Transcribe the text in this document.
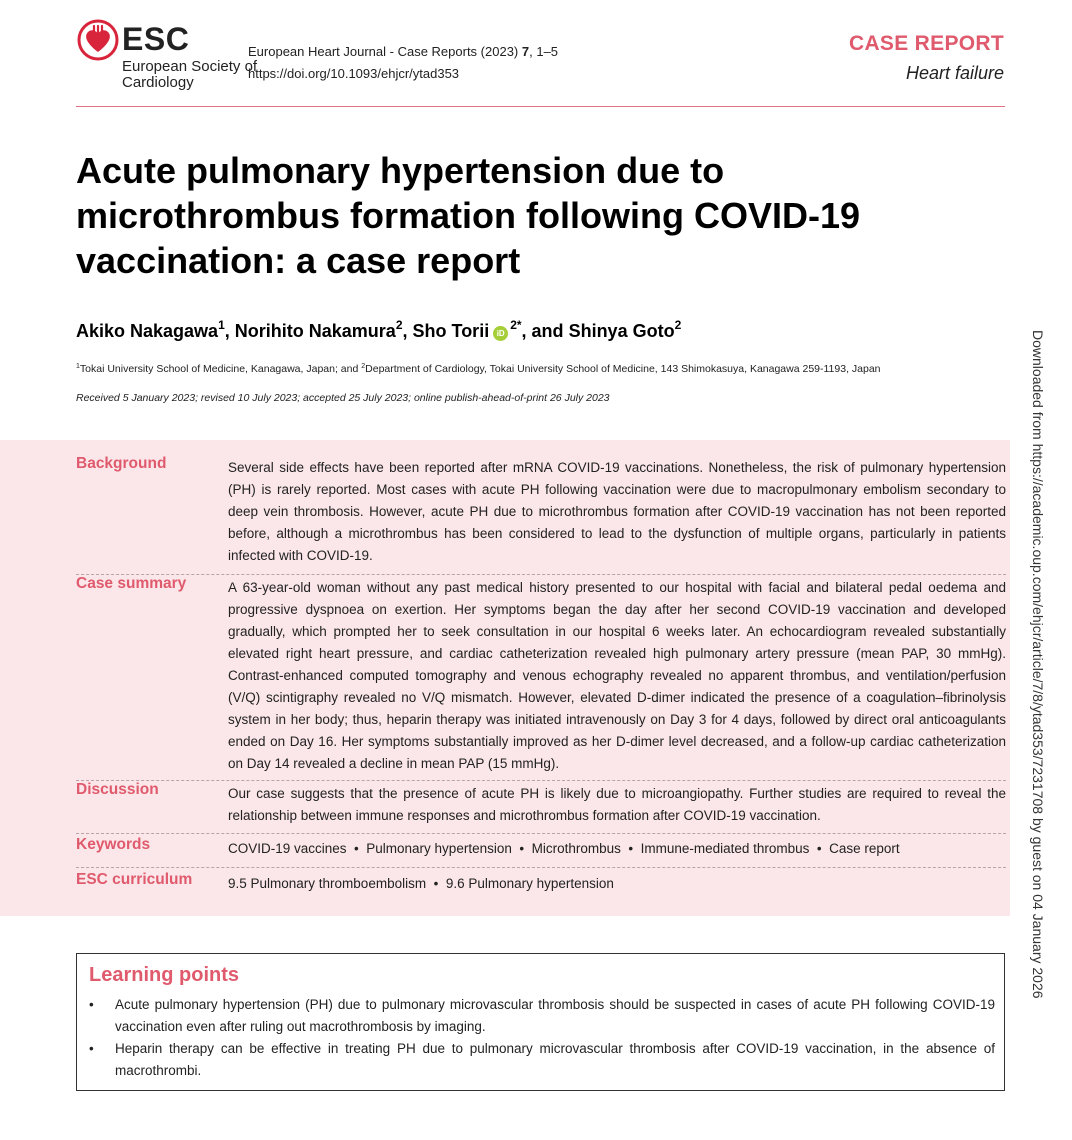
ESC
European Society of Cardiology
European Heart Journal - Case Reports (2023) 7, 1–5
https://doi.org/10.1093/ehjcr/ytad353
CASE REPORT
Heart failure
Acute pulmonary hypertension due to microthrombus formation following COVID-19 vaccination: a case report
Akiko Nakagawa$^1$, Norihito Nakamura$^2$, Sho Torii $iD^{2*}$, and Shinya Goto$^2$
$^1$Tokai University School of Medicine, Kanagawa, Japan; and $^2$Department of Cardiology, Tokai University School of Medicine, 143 Shimokasuya, Kanagawa 259-1193, Japan
Received 5 January 2023; revised 10 July 2023; accepted 25 July 2023; online publish-ahead-of-print 26 July 2023
Background	Several side effects have been reported after mRNA COVID-19 vaccinations. Nonetheless, the risk of pulmonary hypertension (PH) is rarely reported. Most cases with acute PH following vaccination were due to macropulmonary embolism secondary to deep vein thrombosis. However, acute PH due to microthrombus formation after COVID-19 vaccination has not been reported before, although a microthrombus has been considered to lead to the dysfunction of multiple organs, particularly in patients infected with COVID-19.
Case summary	A 63-year-old woman without any past medical history presented to our hospital with facial and bilateral pedal oedema and progressive dyspnoea on exertion. Her symptoms began the day after her second COVID-19 vaccination and developed gradually, which prompted her to seek consultation in our hospital 6 weeks later. An echocardiogram revealed substantially elevated right heart pressure, and cardiac catheterization revealed high pulmonary artery pressure (mean PAP, 30 mmHg). Contrast-enhanced computed tomography and venous echography revealed no apparent thrombus, and ventilation/perfusion (V/Q) scintigraphy revealed no V/Q mismatch. However, elevated D-dimer indicated the presence of a coagulation–fibrinolysis system in her body; thus, heparin therapy was initiated intravenously on Day 3 for 4 days, followed by direct oral anticoagulants ended on Day 16. Her symptoms substantially improved as her D-dimer level decreased, and a follow-up cardiac catheterization on Day 14 revealed a decline in mean PAP (15 mmHg).
Discussion	Our case suggests that the presence of acute PH is likely due to microangiopathy. Further studies are required to reveal the relationship between immune responses and microthrombus formation after COVID-19 vaccination.
Keywords	COVID-19 vaccines  •  Pulmonary hypertension  •  Microthrombus  •  Immune-mediated thrombus  •  Case report
ESC curriculum	9.5 Pulmonary thromboembolism  •  9.6 Pulmonary hypertension
Learning points
• Acute pulmonary hypertension (PH) due to pulmonary microvascular thrombosis should be suspected in cases of acute PH following COVID-19 vaccination even after ruling out macrothrombosis by imaging.
• Heparin therapy can be effective in treating PH due to pulmonary microvascular thrombosis after COVID-19 vaccination, in the absence of macrothrombi.
Downloaded from https://academic.oup.com/ehjcr/article/7/8/ytad353/7231708 by guest on 04 January 2026
